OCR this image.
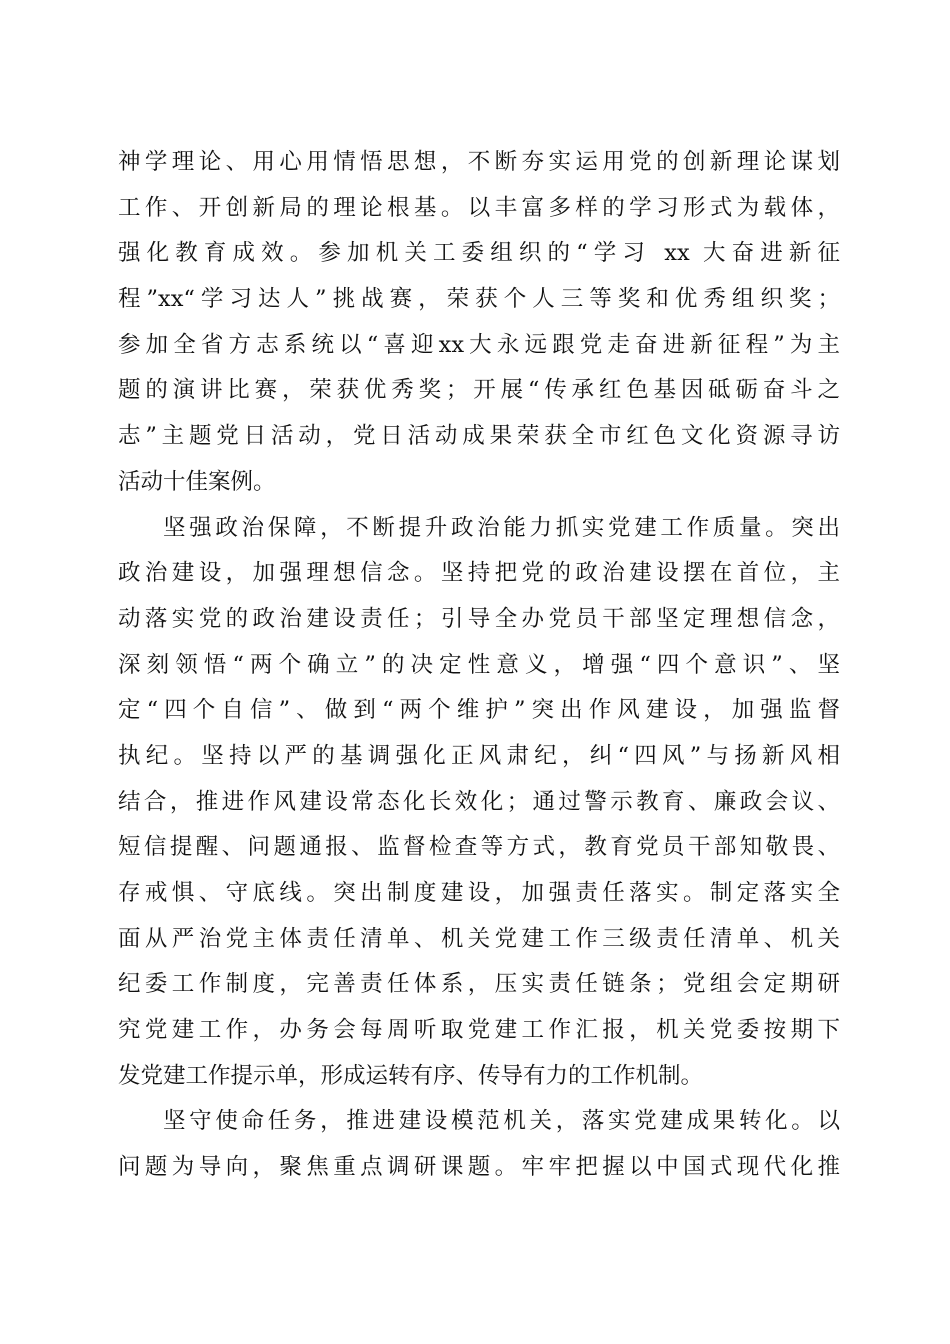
神学理论、用心用情悟思想，不断夯实运用党的创新理论谋划
工作、开创新局的理论根基。以丰富多样的学习形式为载体，
强化教育成效。参加机关工委组织的“学习 xx 大奋进新征
程”xx“学习达人”挑战赛，荣获个人三等奖和优秀组织奖；
参加全省方志系统以“喜迎xx大永远跟党走奋进新征程”为主
题的演讲比赛，荣获优秀奖；开展“传承红色基因砥砺奋斗之
志”主题党日活动，党日活动成果荣获全市红色文化资源寻访
活动十佳案例。
坚强政治保障，不断提升政治能力抓实党建工作质量。突出
政治建设，加强理想信念。坚持把党的政治建设摆在首位，主
动落实党的政治建设责任；引导全办党员干部坚定理想信念，
深刻领悟“两个确立”的决定性意义，增强“四个意识”、坚
定“四个自信”、做到“两个维护”突出作风建设，加强监督
执纪。坚持以严的基调强化正风肃纪，纠“四风”与扬新风相
结合，推进作风建设常态化长效化；通过警示教育、廉政会议、
短信提醒、问题通报、监督检查等方式，教育党员干部知敬畏、
存戒惧、守底线。突出制度建设，加强责任落实。制定落实全
面从严治党主体责任清单、机关党建工作三级责任清单、机关
纪委工作制度，完善责任体系，压实责任链条；党组会定期研
究党建工作，办务会每周听取党建工作汇报，机关党委按期下
发党建工作提示单，形成运转有序、传导有力的工作机制。
坚守使命任务，推进建设模范机关，落实党建成果转化。以
问题为导向，聚焦重点调研课题。牢牢把握以中国式现代化推
